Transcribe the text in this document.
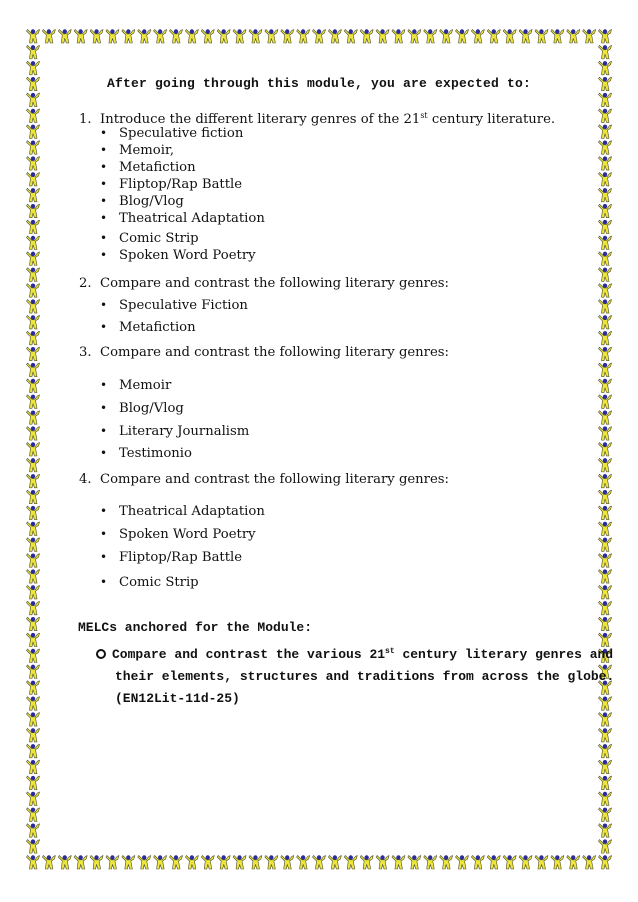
After going through this module, you are expected to:
1. Introduce the different literary genres of the 21st century literature.
• Speculative fiction
• Memoir,
• Metafiction
• Fliptop/Rap Battle
• Blog/Vlog
• Theatrical Adaptation
• Comic Strip
• Spoken Word Poetry
2. Compare and contrast the following literary genres:
• Speculative Fiction
• Metafiction
3. Compare and contrast the following literary genres:
• Memoir
• Blog/Vlog
• Literary Journalism
• Testimonio
4. Compare and contrast the following literary genres:
• Theatrical Adaptation
• Spoken Word Poetry
• Fliptop/Rap Battle
• Comic Strip
MELCs anchored for the Module:
Compare and contrast the various 21st century literary genres and
their elements, structures and traditions from across the globe.
(EN12Lit-11d-25)
